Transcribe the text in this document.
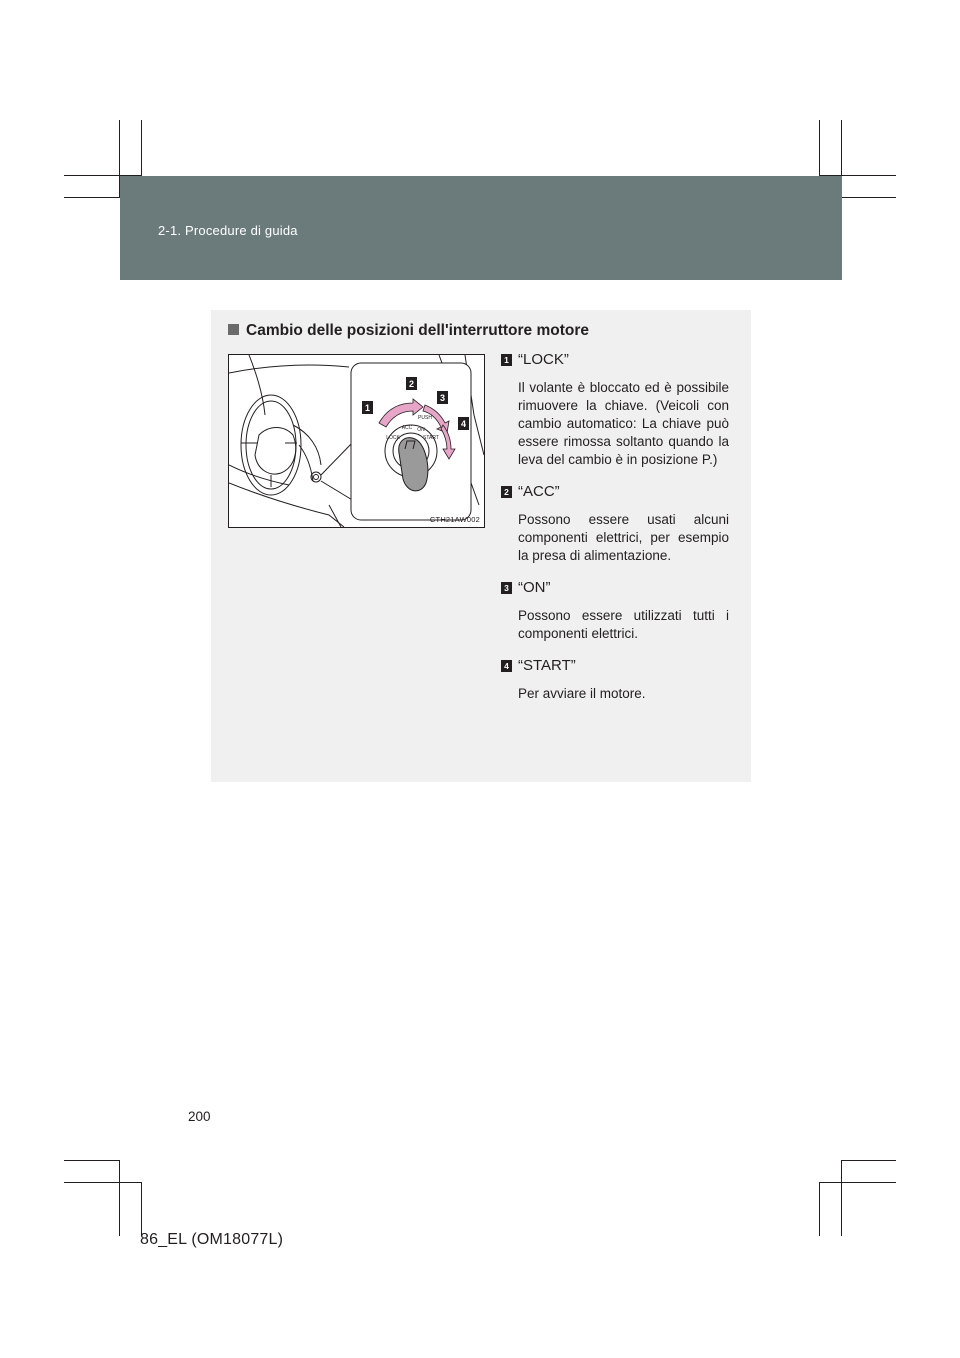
2-1. Procedure di guida
Cambio delle posizioni dell'interruttore motore
LOCK
ACC ON
START
PUSH
1
2
3
4
CTH21AW002
1 “LOCK”
Il volante è bloccato ed è possibile rimuovere la chiave. (Veicoli con cambio automatico: La chiave può essere rimossa soltanto quando la leva del cambio è in posizione P.)
2 “ACC”
Possono essere usati alcuni componenti elettrici, per esempio la presa di alimentazione.
3 “ON”
Possono essere utilizzati tutti i componenti elettrici.
4 “START”
Per avviare il motore.
200
86_EL (OM18077L)
